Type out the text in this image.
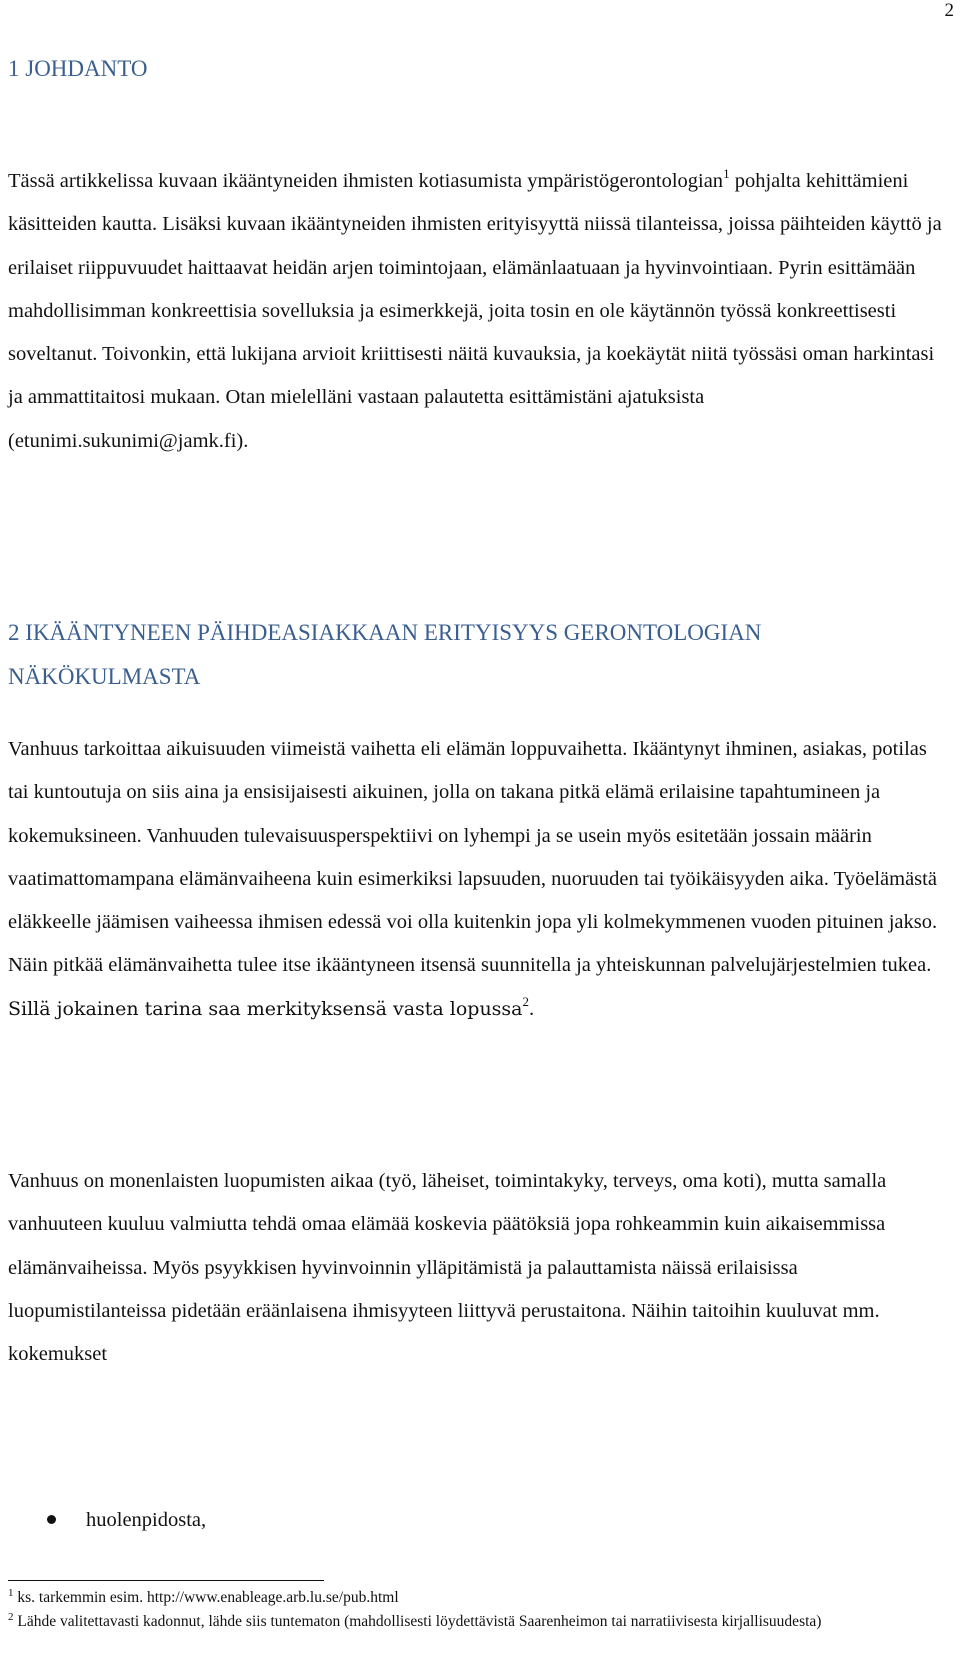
2
1 JOHDANTO

Tässä artikkelissa kuvaan ikääntyneiden ihmisten kotiasumista ympäristögerontologian$^1$ pohjalta kehittämieni käsitteiden kautta. Lisäksi kuvaan ikääntyneiden ihmisten erityisyyttä niissä tilanteissa, joissa päihteiden käyttö ja erilaiset riippuvuudet haittaavat heidän arjen toimintojaan, elämänlaatuaan ja hyvinvointiaan. Pyrin esittämään mahdollisimman konkreettisia sovelluksia ja esimerkkejä, joita tosin en ole käytännön työssä konkreettisesti soveltanut. Toivonkin, että lukijana arvioit kriittisesti näitä kuvauksia, ja koekäytät niitä työssäsi oman harkintasi ja ammattitaitosi mukaan. Otan mielelläni vastaan palautetta esittämistäni ajatuksista (etunimi.sukunimi@jamk.fi).

2 IKÄÄNTYNEEN PÄIHDEASIAKKAAN ERITYISYYS GERONTOLOGIAN NÄKÖKULMASTA

Vanhuus tarkoittaa aikuisuuden viimeistä vaihetta eli elämän loppuvaihetta. Ikääntynyt ihminen, asiakas, potilas tai kuntoutuja on siis aina ja ensisijaisesti aikuinen, jolla on takana pitkä elämä erilaisine tapahtumineen ja kokemuksineen. Vanhuuden tulevaisuusperspektiivi on lyhempi ja se usein myös esitetään jossain määrin vaatimattomampana elämänvaiheena kuin esimerkiksi lapsuuden, nuoruuden tai työikäisyyden aika. Työelämästä eläkkeelle jäämisen vaiheessa ihmisen edessä voi olla kuitenkin jopa yli kolmekymmenen vuoden pituinen jakso. Näin pitkää elämänvaihetta tulee itse ikääntyneen itsensä suunnitella ja yhteiskunnan palvelujärjestelmien tukea. Sillä jokainen tarina saa merkityksensä vasta lopussa$^2$.

Vanhuus on monenlaisten luopumisten aikaa (työ, läheiset, toimintakyky, terveys, oma koti), mutta samalla vanhuuteen kuuluu valmiutta tehdä omaa elämää koskevia päätöksiä jopa rohkeammin kuin aikaisemmissa elämänvaiheissa. Myös psyykkisen hyvinvoinnin ylläpitämistä ja palauttamista näissä erilaisissa luopumistilanteissa pidetään eräänlaisena ihmisyyteen liittyvä perustaitona. Näihin taitoihin kuuluvat mm. kokemukset

huolenpidosta,

$^1$ ks. tarkemmin esim. http://www.enableage.arb.lu.se/pub.html

$^2$ Lähde valitettavasti kadonnut, lähde siis tuntematon (mahdollisesti löydettävistä Saarenheimon tai narratiivisesta kirjallisuudesta)
